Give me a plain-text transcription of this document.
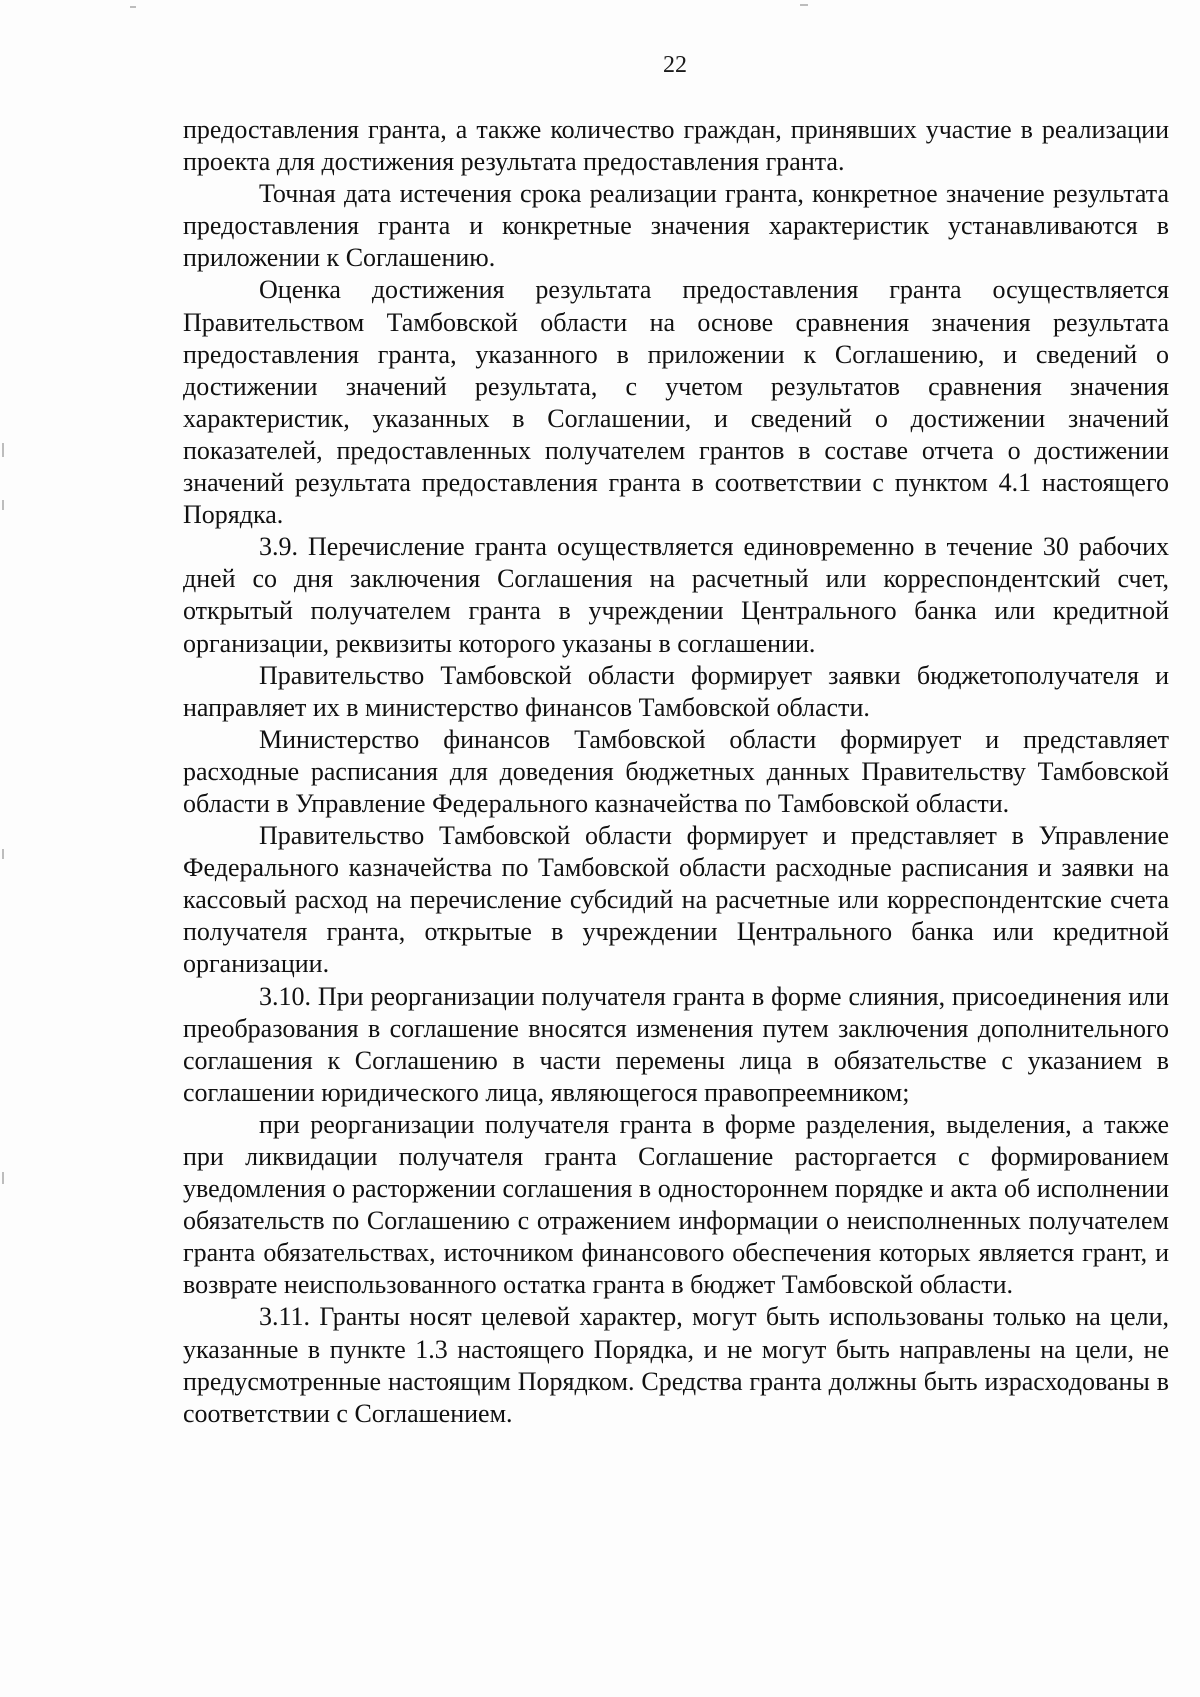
22

предоставления гранта, а также количество граждан, принявших участие в реализации проекта для достижения результата предоставления гранта.

Точная дата истечения срока реализации гранта, конкретное значение результата предоставления гранта и конкретные значения характеристик устанавливаются в приложении к Соглашению.

Оценка достижения результата предоставления гранта осуществляется Правительством Тамбовской области на основе сравнения значения результата предоставления гранта, указанного в приложении к Соглашению, и сведений о достижении значений результата, с учетом результатов сравнения значения характеристик, указанных в Соглашении, и сведений о достижении значений показателей, предоставленных получателем грантов в составе отчета о достижении значений результата предоставления гранта в соответствии с пунктом 4.1 настоящего Порядка.

3.9. Перечисление гранта осуществляется единовременно в течение 30 рабочих дней со дня заключения Соглашения на расчетный или корреспондентский счет, открытый получателем гранта в учреждении Центрального банка или кредитной организации, реквизиты которого указаны в соглашении.

Правительство Тамбовской области формирует заявки бюджетополучателя и направляет их в министерство финансов Тамбовской области.

Министерство финансов Тамбовской области формирует и представляет расходные расписания для доведения бюджетных данных Правительству Тамбовской области в Управление Федерального казначейства по Тамбовской области.

Правительство Тамбовской области формирует и представляет в Управление Федерального казначейства по Тамбовской области расходные расписания и заявки на кассовый расход на перечисление субсидий на расчетные или корреспондентские счета получателя гранта, открытые в учреждении Центрального банка или кредитной организации.

3.10. При реорганизации получателя гранта в форме слияния, присоединения или преобразования в соглашение вносятся изменения путем заключения дополнительного соглашения к Соглашению в части перемены лица в обязательстве с указанием в соглашении юридического лица, являющегося правопреемником;

при реорганизации получателя гранта в форме разделения, выделения, а также при ликвидации получателя гранта Соглашение расторгается с формированием уведомления о расторжении соглашения в одностороннем порядке и акта об исполнении обязательств по Соглашению с отражением информации о неисполненных получателем гранта обязательствах, источником финансового обеспечения которых является грант, и возврате неиспользованного остатка гранта в бюджет Тамбовской области.

3.11. Гранты носят целевой характер, могут быть использованы только на цели, указанные в пункте 1.3 настоящего Порядка, и не могут быть направлены на цели, не предусмотренные настоящим Порядком. Средства гранта должны быть израсходованы в соответствии с Соглашением.
